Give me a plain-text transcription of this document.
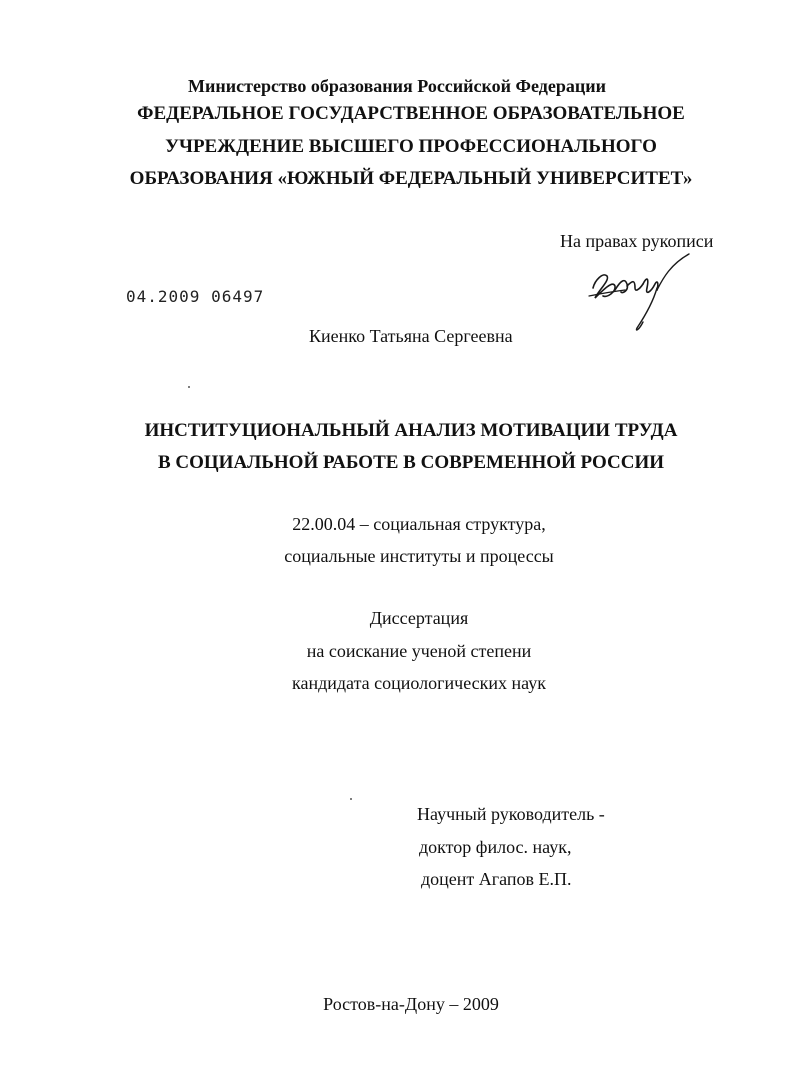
Министерство образования Российской Федерации
ФЕДЕРАЛЬНОЕ ГОСУДАРСТВЕННОЕ ОБРАЗОВАТЕЛЬНОЕ
УЧРЕЖДЕНИЕ ВЫСШЕГО ПРОФЕССИОНАЛЬНОГО
ОБРАЗОВАНИЯ «ЮЖНЫЙ ФЕДЕРАЛЬНЫЙ УНИВЕРСИТЕТ»
На правах рукописи
04.2009 06497
Киенко Татьяна Сергеевна
ИНСТИТУЦИОНАЛЬНЫЙ АНАЛИЗ МОТИВАЦИИ ТРУДА
В СОЦИАЛЬНОЙ РАБОТЕ В СОВРЕМЕННОЙ РОССИИ
22.00.04 – социальная структура,
социальные институты и процессы
Диссертация
на соискание ученой степени
кандидата социологических наук
Научный руководитель -
доктор филос. наук,
доцент Агапов Е.П.
Ростов-на-Дону – 2009
